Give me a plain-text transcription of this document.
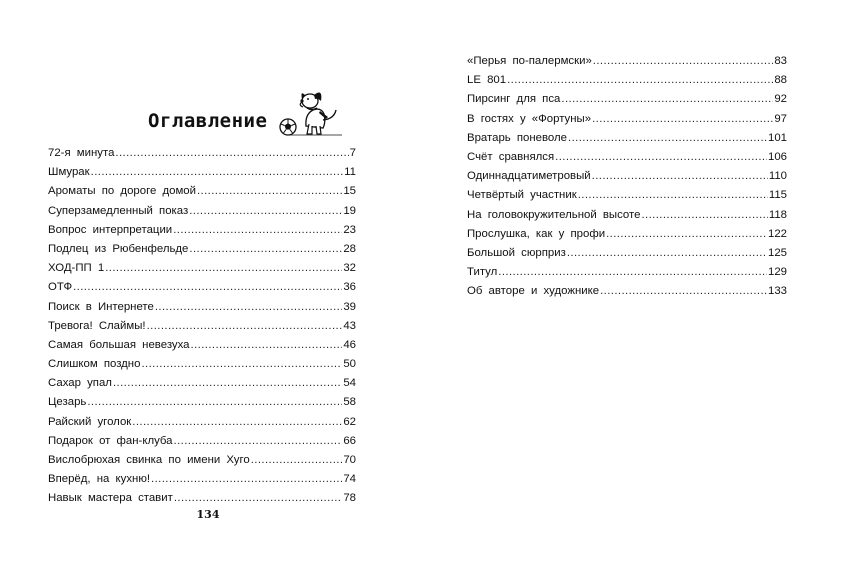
Оглавление
72-я минута .....	7
Шмурак .....	11
Ароматы по дороге домой .....	15
Суперзамедленный показ .....	19
Вопрос интерпретации .....	23
Подлец из Рюбенфельде .....	28
ХОД-ПП 1 .....	32
ОТФ .....	36
Поиск в Интернете .....	39
Тревога! Слаймы! .....	43
Самая большая невезуха .....	46
Слишком поздно .....	50
Сахар упал .....	54
Цезарь .....	58
Райский уголок .....	62
Подарок от фан-клуба .....	66
Вислобрюхая свинка по имени Хуго .....	70
Вперёд, на кухню! .....	74
Навык мастера ставит .....	78
134
«Перья по-палермски» .....	83
LE 801 .....	88
Пирсинг для пса .....	92
В гостях у «Фортуны» .....	97
Вратарь поневоле .....	101
Счёт сравнялся .....	106
Одиннадцатиметровый .....	110
Четвёртый участник .....	115
На головокружительной высоте .....	118
Прослушка, как у профи .....	122
Большой сюрприз .....	125
Титул .....	129
Об авторе и художнике .....	133
